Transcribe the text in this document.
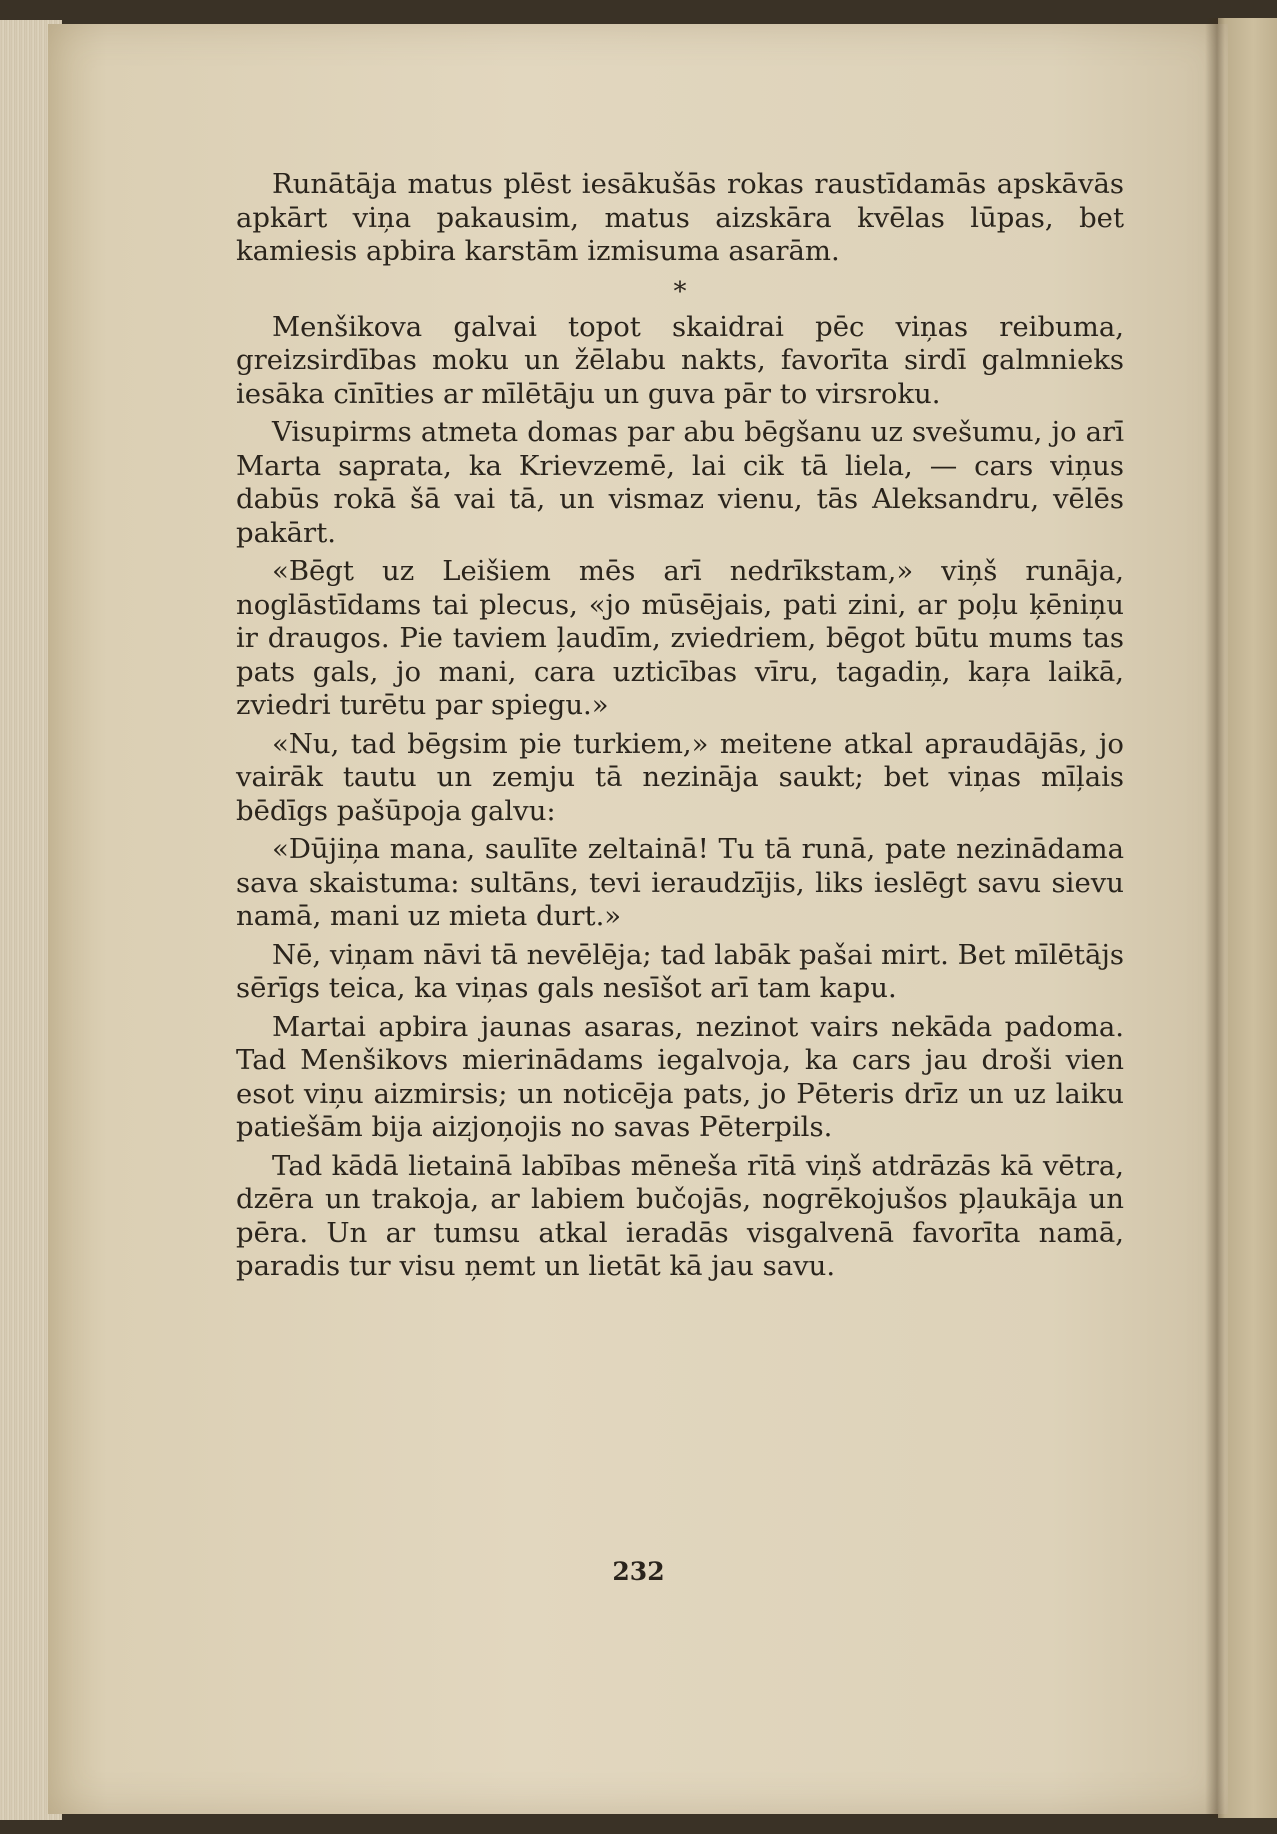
Runātāja matus plēst iesākušās rokas raustīdamās apskāvās apkārt viņa pakausim, matus aizskāra kvēlas lūpas, bet kamiesis apbira karstām izmisuma asarām.

*

Menšikova galvai topot skaidrai pēc viņas reibuma, greizsirdības moku un žēlabu nakts, favorīta sirdī galmnieks iesāka cīnīties ar mīlētāju un guva pār to virsroku.

Visupirms atmeta domas par abu bēgšanu uz svešumu, jo arī Marta saprata, ka Krievzemē, lai cik tā liela, — cars viņus dabūs rokā šā vai tā, un vismaz vienu, tās Aleksandru, vēlēs pakārt.

«Bēgt uz Leišiem mēs arī nedrīkstam,» viņš runāja, noglāstīdams tai plecus, «jo mūsējais, pati zini, ar poļu ķēniņu ir draugos. Pie taviem ļaudīm, zviedriem, bēgot būtu mums tas pats gals, jo mani, cara uzticības vīru, tagadiņ, kaŗa laikā, zviedri turētu par spiegu.»

«Nu, tad bēgsim pie turkiem,» meitene atkal apraudājās, jo vairāk tautu un zemju tā nezināja saukt; bet viņas mīļais bēdīgs pašūpoja galvu:

«Dūjiņa mana, saulīte zeltainā! Tu tā runā, pate nezinādama sava skaistuma: sultāns, tevi ieraudzījis, liks ieslēgt savu sievu namā, mani uz mieta durt.»

Nē, viņam nāvi tā nevēlēja; tad labāk pašai mirt. Bet mīlētājs sērīgs teica, ka viņas gals nesīšot arī tam kapu.

Martai apbira jaunas asaras, nezinot vairs nekāda padoma. Tad Menšikovs mierinādams iegalvoja, ka cars jau droši vien esot viņu aizmirsis; un noticēja pats, jo Pēteris drīz un uz laiku patiešām bija aizjoņojis no savas Pēterpils.

Tad kādā lietainā labības mēneša rītā viņš atdrāzās kā vētra, dzēra un trakoja, ar labiem bučojās, nogrēkojušos pļaukāja un pēra. Un ar tumsu atkal ieradās visgalvenā favorīta namā, paradis tur visu ņemt un lietāt kā jau savu.

232
